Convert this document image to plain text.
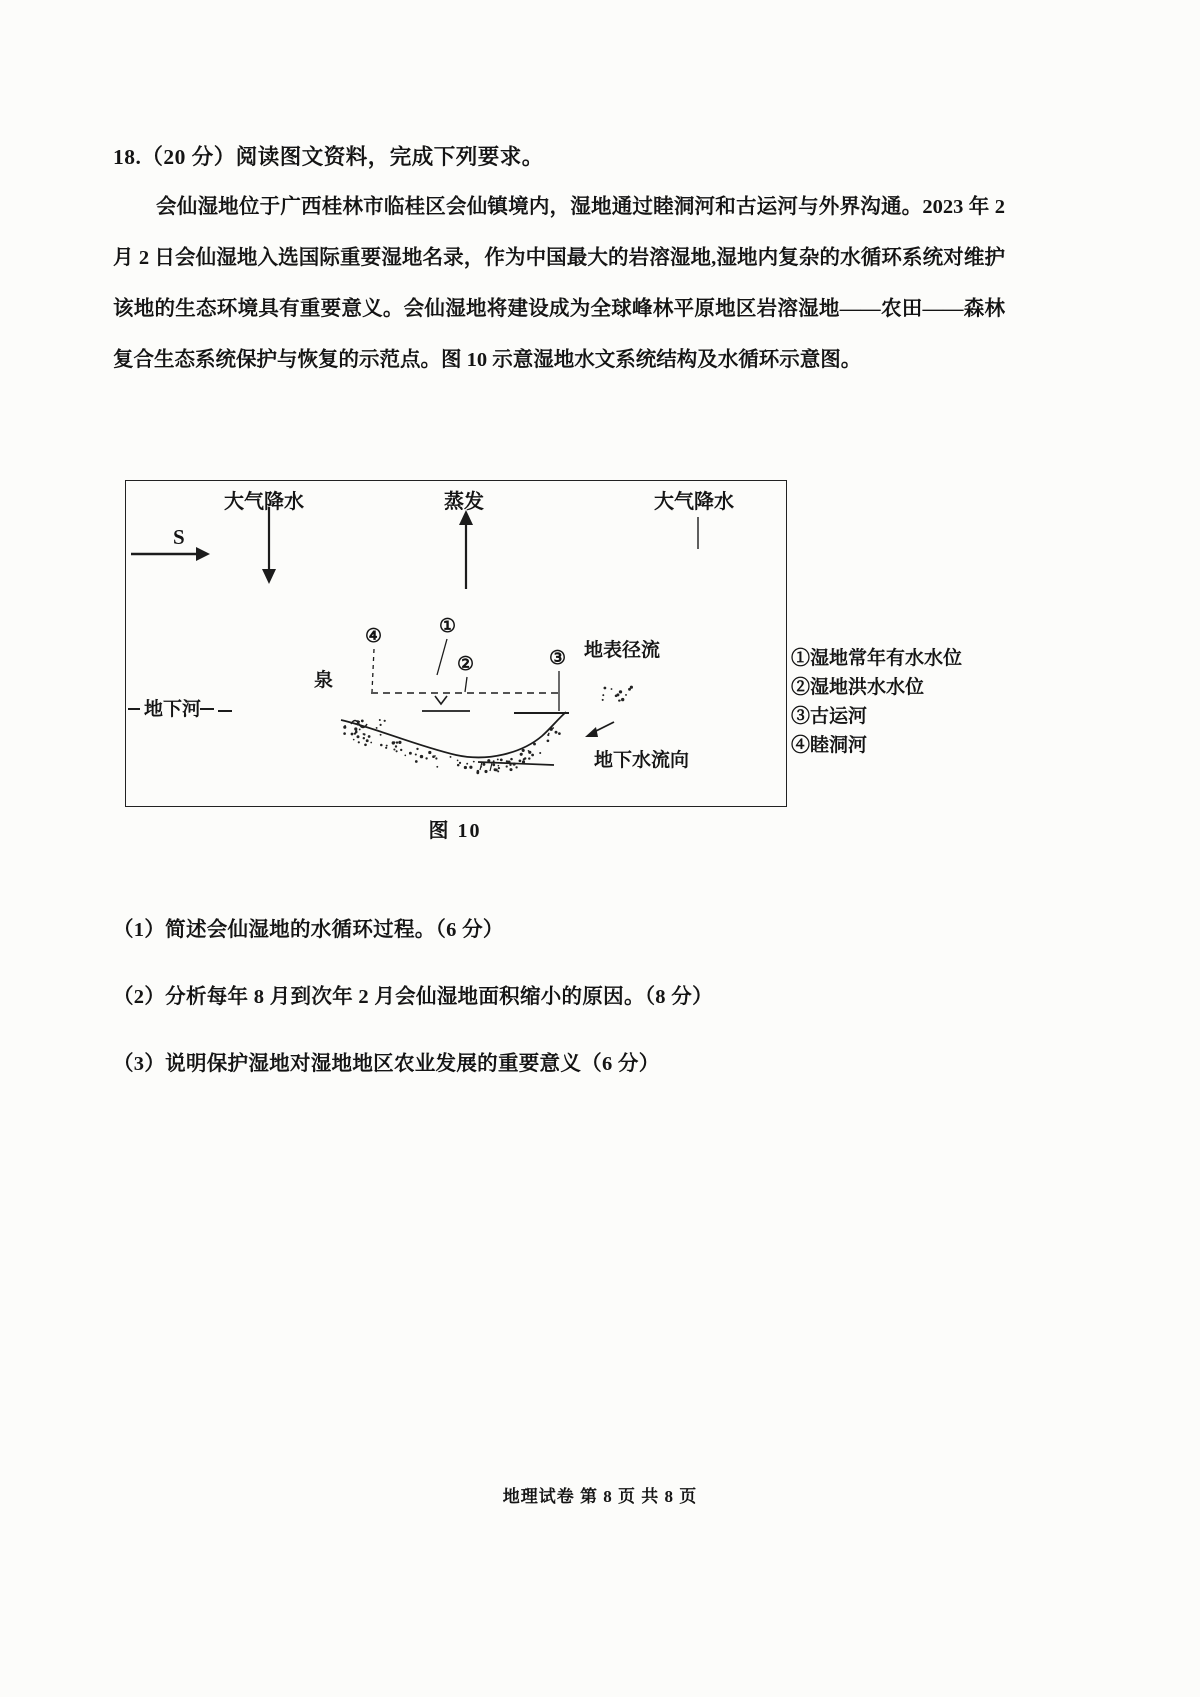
18.（20 分）阅读图文资料，完成下列要求。
会仙湿地位于广西桂林市临桂区会仙镇境内，湿地通过睦洞河和古运河与外界沟通。2023 年 2 月 2 日会仙湿地入选国际重要湿地名录，作为中国最大的岩溶湿地,湿地内复杂的水循环系统对维护该地的生态环境具有重要意义。会仙湿地将建设成为全球峰林平原地区岩溶湿地——农田——森林复合生态系统保护与恢复的示范点。图 10 示意湿地水文系统结构及水循环示意图。
大气降水	蒸发	大气降水
S
④	①
②	③
泉
地下河
地表径流
地下水流向
①湿地常年有水水位
②湿地洪水水位
③古运河
④睦洞河
图 10
（1）简述会仙湿地的水循环过程。（6 分）
（2）分析每年 8 月到次年 2 月会仙湿地面积缩小的原因。（8 分）
（3）说明保护湿地对湿地地区农业发展的重要意义（6 分）
地理试卷 第 8 页 共 8 页
